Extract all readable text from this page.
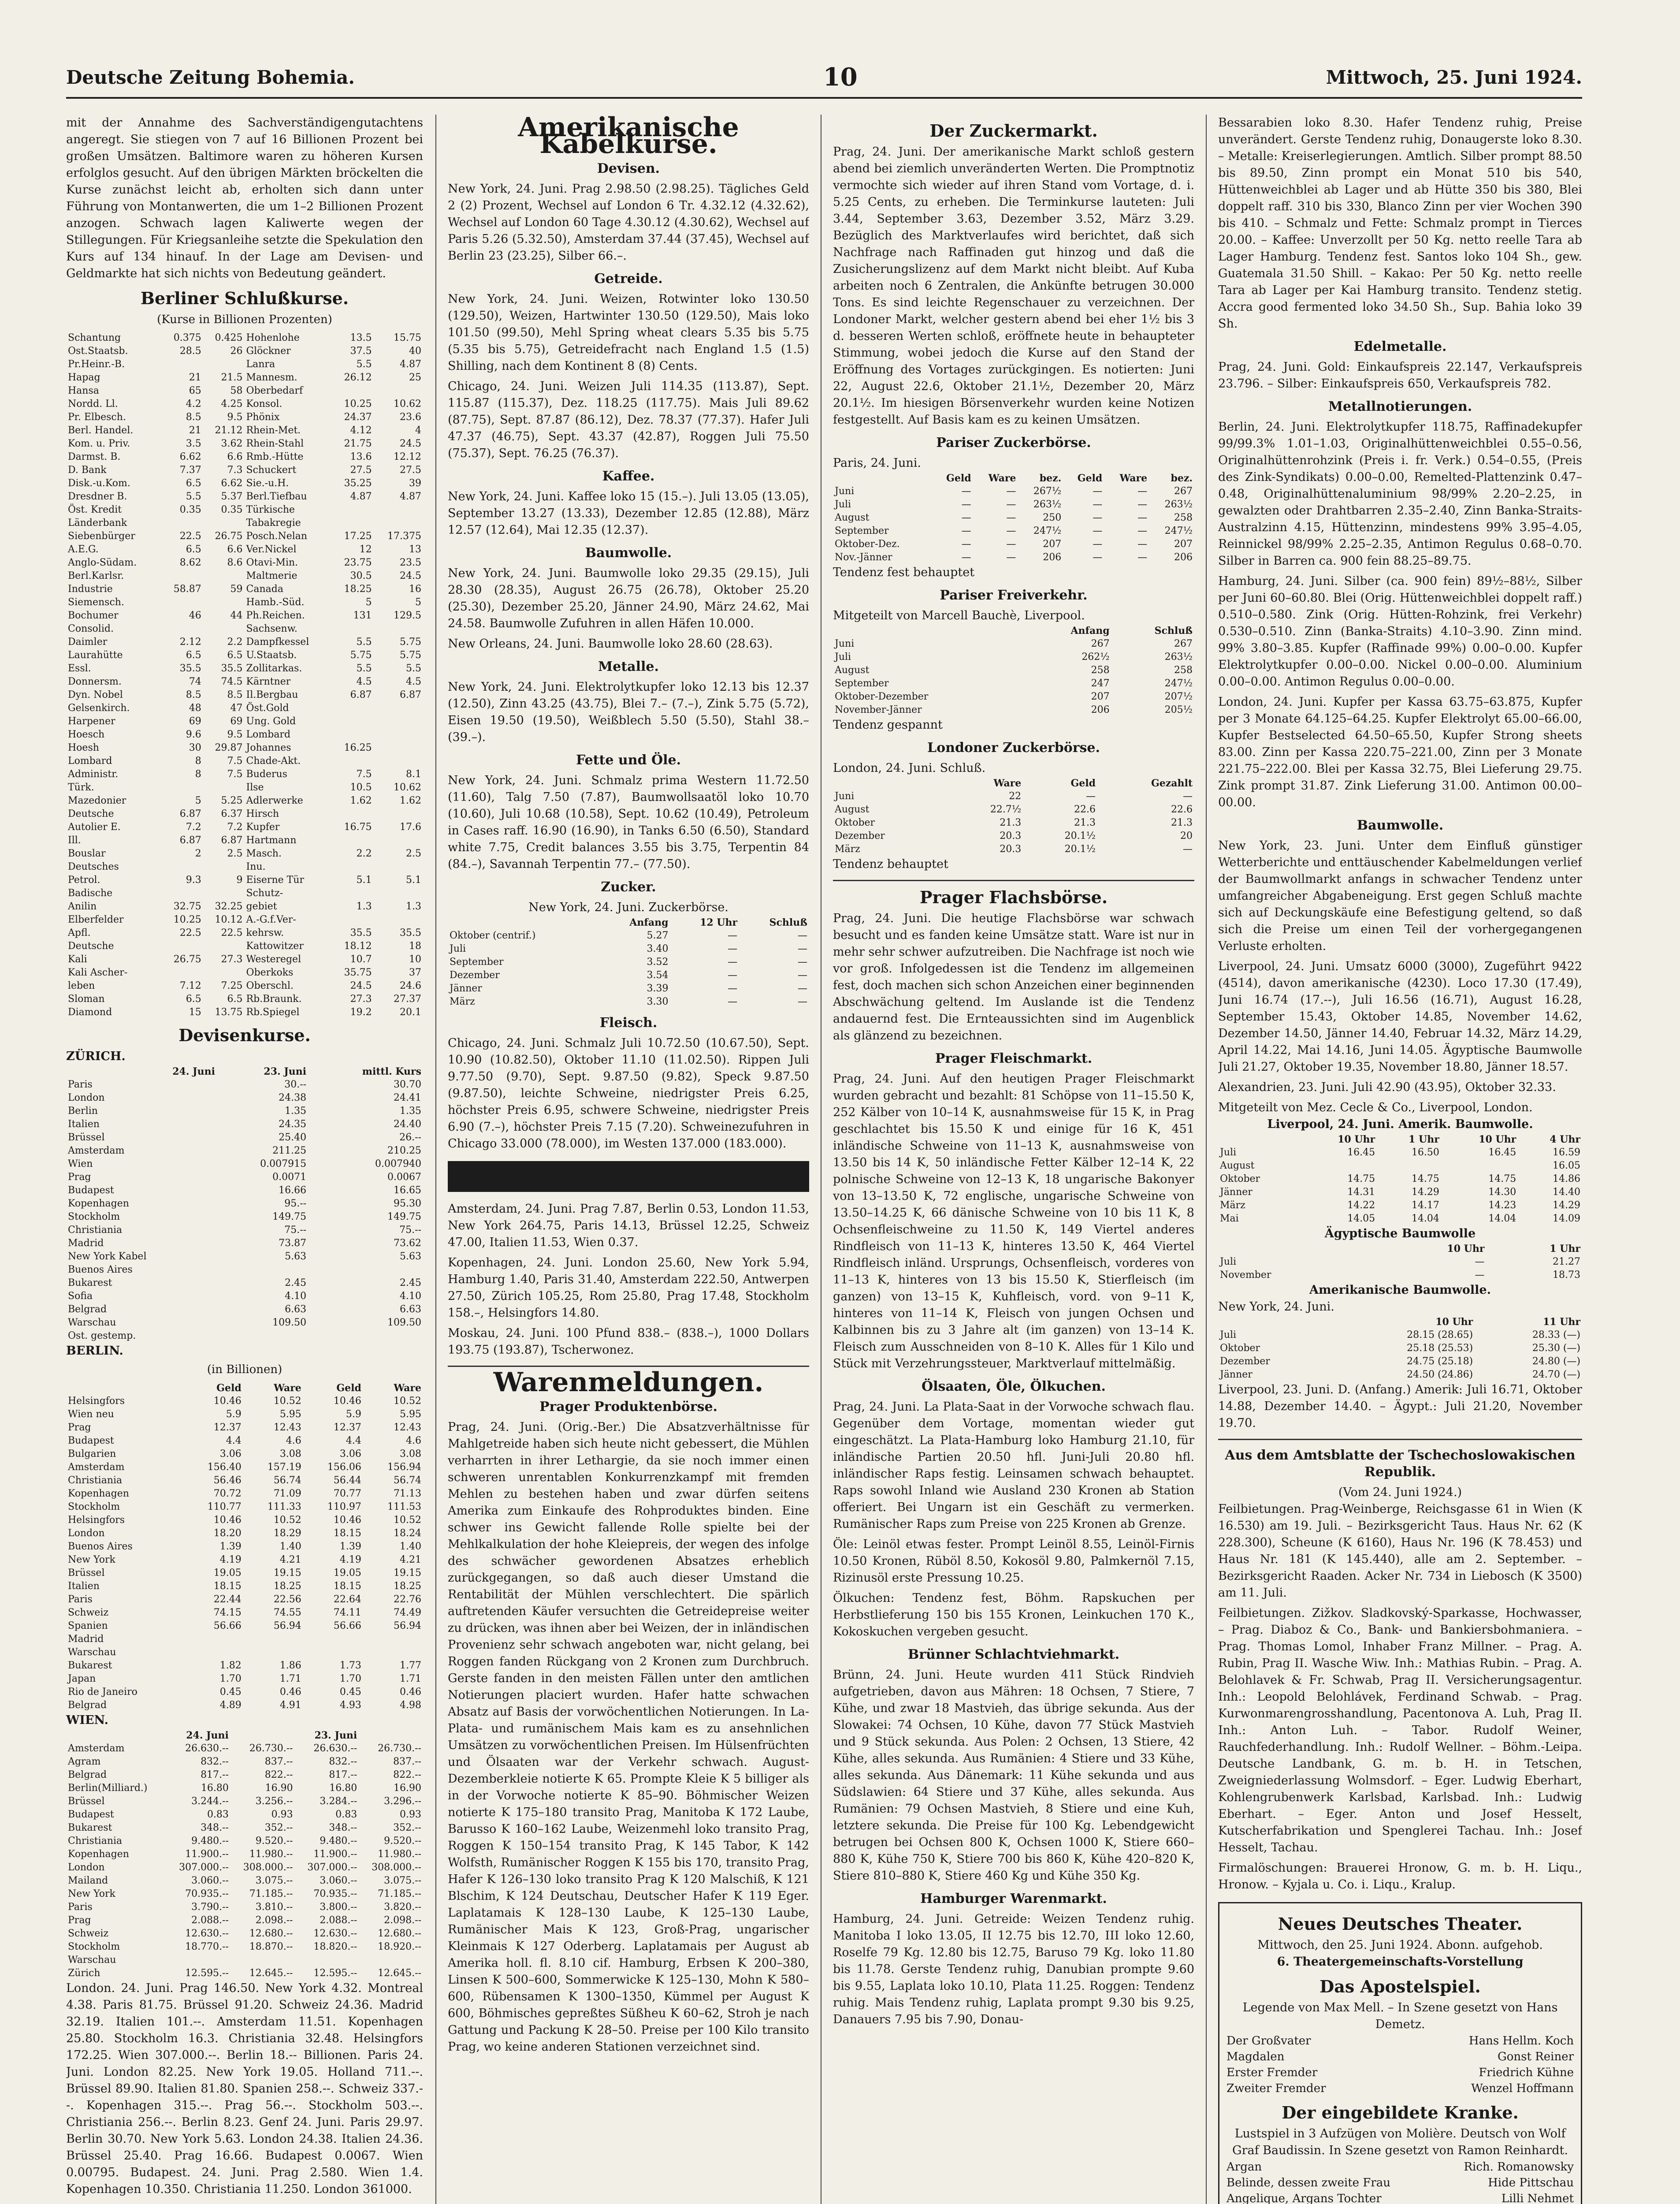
Deutsche Zeitung Bohemia.	10	Mittwoch, 25. Juni 1924.

mit der Annahme des Sachverständigengutachtens angeregt. Sie stiegen von 7 auf 16 Billionen Prozent bei großen Umsätzen. Baltimore waren zu höheren Kursen erfolglos gesucht. Auf den übrigen Märkten bröckelten die Kurse zunächst leicht ab, erholten sich dann unter Führung von Montanwerten, die um 1–2 Billionen Prozent anzogen. Schwach lagen Kaliwerte wegen der Stillegungen. Für Kriegsanleihe setzte die Spekulation den Kurs auf 134 hinauf. In der Lage am Devisen- und Geldmarkte hat sich nichts von Bedeutung geändert.

Berliner Schlußkurse.
(Kurse in Billionen Prozenten)
Schantung	0.375	0.425	Hohenlohe	13.5	15.75
Ost.Staatsb.	28.5	26	Glöckner	37.5	40
Pr.Heinr.-B.			Lanra	5.5	4.87
Hapag	21	21.5	Mannesm.	26.12	25
Hansa	65	58	Oberbedarf		
Nordd. Ll.	4.2	4.25	Konsol.	10.25	10.62
Pr. Elbesch.	8.5	9.5	Phönix	24.37	23.6
Berl. Handel.	21	21.12	Rhein-Met.	4.12	4
Kom. u. Priv.	3.5	3.62	Rhein-Stahl	21.75	24.5
Darmst. B.	6.62	6.6	Rmb.-Hütte	13.6	12.12
D. Bank	7.37	7.3	Schuckert	27.5	27.5
Disk.-u.Kom.	6.5	6.62	Sie.-u.H.	35.25	39
Dresdner B.	5.5	5.37	Berl.Tiefbau	4.87	4.87
Öst. Kredit	0.35	0.35	Türkische		
Länderbank			Tabakregie		
Siebenbürger	22.5	26.75	Posch.Nelan	17.25	17.375
A.E.G.	6.5	6.6	Ver.Nickel	12	13
Anglo-Südam.	8.62	8.6	Otavi-Min.	23.75	23.5
Berl.Karlsr.			Maltmerie	30.5	24.5
Industrie	58.87	59	Canada	18.25	16
Siemensch.			Hamb.-Süd.	5	5
Bochumer	46	44	Ph.Reichen.	131	129.5
Consolid.			Sachsenw.		
Daimler	2.12	2.2	Dampfkessel	5.5	5.75
Laurahütte	6.5	6.5	U.Staatsb.	5.75	5.75
Essl.	35.5	35.5	Zollitarkas.	5.5	5.5
Donnersm.	74	74.5	Kärntner	4.5	4.5
Dyn. Nobel	8.5	8.5	Il.Bergbau	6.87	6.87
Gelsenkirch.	48	47	Öst.Gold		
Harpener	69	69	Ung. Gold		
Hoesch	9.6	9.5	Lombard		
Hoesh	30	29.87	Johannes	16.25	
Lombard	8	7.5	Chade-Akt.		
Administr.	8	7.5	Buderus	7.5	8.1
Türk.			Ilse	10.5	10.62
Mazedonier	5	5.25	Adlerwerke	1.62	1.62
Deutsche	6.87	6.37	Hirsch		
Autolier E.	7.2	7.2	Kupfer	16.75	17.6
Ill.	6.87	6.87	Hartmann		
Bouslar	2	2.5	Masch.	2.2	2.5
Deutsches			Inu.		
Petrol.	9.3	9	Eiserne Tür	5.1	5.1
Badische			Schutz-		
Anilin	32.75	32.25	gebiet	1.3	1.3
Elberfelder	10.25	10.12	A.-G.f.Ver-		
Apfl.	22.5	22.5	kehrsw.	35.5	35.5
Deutsche			Kattowitzer	18.12	18
Kali	26.75	27.3	Westeregel	10.7	10
Kali Ascher-			Oberkoks	35.75	37
leben	7.12	7.25	Oberschl.	24.5	24.6
Sloman	6.5	6.5	Rb.Braunk.	27.3	27.37
Diamond	15	13.75	Rb.Spiegel	19.2	20.1
Devisenkurse.
ZÜRICH.
24. Juni	23. Juni	mittl. Kurs
Paris	30.--	30.70
London	24.38	24.41
Berlin	1.35	1.35
Italien	24.35	24.40
Brüssel	25.40	26.--
Amsterdam	211.25	210.25
Wien	0.007915	0.007940
Prag	0.0071	0.0067
Budapest	16.66	16.65
Kopenhagen	95.--	95.30
Stockholm	149.75	149.75
Christiania	75.--	75.--
Madrid	73.87	73.62
New York Kabel	5.63	5.63
Buenos Aires		
Bukarest	2.45	2.45
Sofia	4.10	4.10
Belgrad	6.63	6.63
Warschau	109.50	109.50
Ost. gestemp.		
BERLIN.
(in Billionen)
	Geld	Ware	Geld	Ware
Helsingfors	10.46	10.52	10.46	10.52
Wien neu	5.9	5.95	5.9	5.95
Prag	12.37	12.43	12.37	12.43
Budapest	4.4	4.6	4.4	4.6
Bulgarien	3.06	3.08	3.06	3.08
Amsterdam	156.40	157.19	156.06	156.94
Christiania	56.46	56.74	56.44	56.74
Kopenhagen	70.72	71.09	70.77	71.13
Stockholm	110.77	111.33	110.97	111.53
Helsingfors	10.46	10.52	10.46	10.52
London	18.20	18.29	18.15	18.24
Buenos Aires	1.39	1.40	1.39	1.40
New York	4.19	4.21	4.19	4.21
Brüssel	19.05	19.15	19.05	19.15
Italien	18.15	18.25	18.15	18.25
Paris	22.44	22.56	22.64	22.76
Schweiz	74.15	74.55	74.11	74.49
Spanien	56.66	56.94	56.66	56.94
Madrid				
Warschau				
Bukarest	1.82	1.86	1.73	1.77
Japan	1.70	1.71	1.70	1.71
Rio de Janeiro	0.45	0.46	0.45	0.46
Belgrad	4.89	4.91	4.93	4.98
WIEN.
	24. Juni		23. Juni	
Amsterdam	26.630.--	26.730.--	26.630.--	26.730.--
Agram	832.--	837.--	832.--	837.--
Belgrad	817.--	822.--	817.--	822.--
Berlin(Milliard.)	16.80	16.90	16.80	16.90
Brüssel	3.244.--	3.256.--	3.284.--	3.296.--
Budapest	0.83	0.93	0.83	0.93
Bukarest	348.--	352.--	348.--	352.--
Christiania	9.480.--	9.520.--	9.480.--	9.520.--
Kopenhagen	11.900.--	11.980.--	11.900.--	11.980.--
London	307.000.--	308.000.--	307.000.--	308.000.--
Mailand	3.060.--	3.075.--	3.060.--	3.075.--
New York	70.935.--	71.185.--	70.935.--	71.185.--
Paris	3.790.--	3.810.--	3.800.--	3.820.--
Prag	2.088.--	2.098.--	2.088.--	2.098.--
Schweiz	12.630.--	12.680.--	12.630.--	12.680.--
Stockholm	18.770.--	18.870.--	18.820.--	18.920.--
Warschau				
Zürich	12.595.--	12.645.--	12.595.--	12.645.--

London. 24. Juni. Prag 146.50. New York 4.32. Montreal 4.38. Paris 81.75. Brüssel 91.20. Schweiz 24.36. Madrid 32.19. Italien 101.--. Amsterdam 11.51. Kopenhagen 25.80. Stockholm 16.3. Christiania 32.48. Helsingfors 172.25. Wien 307.000.--. Berlin 18.-- Billionen. Paris 24. Juni. London 82.25. New York 19.05. Holland 711.--. Brüssel 89.90. Italien 81.80. Spanien 258.--. Schweiz 337.--. Kopenhagen 315.--. Prag 56.--. Stockholm 503.--. Christiania 256.--. Berlin 8.23. Genf 24. Juni. Paris 29.97. Berlin 30.70. New York 5.63. London 24.38. Italien 24.36. Brüssel 25.40. Prag 16.66. Budapest 0.0067. Wien 0.00795. Budapest. 24. Juni. Prag 2.580. Wien 1.4. Kopenhagen 10.350. Christiania 11.250. London 361000.

Amerikanische Kabelkurse.
Devisen.

New York, 24. Juni. Prag 2.98.50 (2.98.25). Tägliches Geld 2 (2) Prozent, Wechsel auf London 6 Tr. 4.32.12 (4.32.62), Wechsel auf London 60 Tage 4.30.12 (4.30.62), Wechsel auf Paris 5.26 (5.32.50), Amsterdam 37.44 (37.45), Wechsel auf Berlin 23 (23.25), Silber 66.–.

Getreide.

New York, 24. Juni. Weizen, Rotwinter loko 130.50 (129.50), Weizen, Hartwinter 130.50 (129.50), Mais loko 101.50 (99.50), Mehl Spring wheat clears 5.35 bis 5.75 (5.35 bis 5.75), Getreidefracht nach England 1.5 (1.5) Shilling, nach dem Kontinent 8 (8) Cents.

Chicago, 24. Juni. Weizen Juli 114.35 (113.87), Sept. 115.87 (115.37), Dez. 118.25 (117.75). Mais Juli 89.62 (87.75), Sept. 87.87 (86.12), Dez. 78.37 (77.37). Hafer Juli 47.37 (46.75), Sept. 43.37 (42.87), Roggen Juli 75.50 (75.37), Sept. 76.25 (76.37).

Kaffee.

New York, 24. Juni. Kaffee loko 15 (15.–). Juli 13.05 (13.05), September 13.27 (13.33), Dezember 12.85 (12.88), März 12.57 (12.64), Mai 12.35 (12.37).

Baumwolle.

New York, 24. Juni. Baumwolle loko 29.35 (29.15), Juli 28.30 (28.35), August 26.75 (26.78), Oktober 25.20 (25.30), Dezember 25.20, Jänner 24.90, März 24.62, Mai 24.58. Baumwolle Zufuhren in allen Häfen 10.000.

New Orleans, 24. Juni. Baumwolle loko 28.60 (28.63).

Metalle.

New York, 24. Juni. Elektrolytkupfer loko 12.13 bis 12.37 (12.50), Zinn 43.25 (43.75), Blei 7.– (7.–), Zink 5.75 (5.72), Eisen 19.50 (19.50), Weißblech 5.50 (5.50), Stahl 38.– (39.–).

Fette und Öle.

New York, 24. Juni. Schmalz prima Western 11.72.50 (11.60), Talg 7.50 (7.87), Baumwollsaatöl loko 10.70 (10.60), Juli 10.68 (10.58), Sept. 10.62 (10.49), Petroleum in Cases raff. 16.90 (16.90), in Tanks 6.50 (6.50), Standard white 7.75, Credit balances 3.55 bis 3.75, Terpentin 84 (84.–), Savannah Terpentin 77.– (77.50).

Zucker.
New York, 24. Juni. Zuckerbörse.
	Anfang	12 Uhr	Schluß
Oktober (centrif.)	5.27	—	—
Juli	3.40	—	—
September	3.52	—	—
Dezember	3.54	—	—
Jänner	3.39	—	—
März	3.30	—	—
Fleisch.

Chicago, 24. Juni. Schmalz Juli 10.72.50 (10.67.50), Sept. 10.90 (10.82.50), Oktober 11.10 (11.02.50). Rippen Juli 9.77.50 (9.70), Sept. 9.87.50 (9.82), Speck 9.87.50 (9.87.50), leichte Schweine, niedrigster Preis 6.25, höchster Preis 6.95, schwere Schweine, niedrigster Preis 6.90 (7.–), höchster Preis 7.15 (7.20). Schweinezufuhren in Chicago 33.000 (78.000), im Westen 137.000 (183.000).

Amsterdam, 24. Juni. Prag 7.87, Berlin 0.53, London 11.53, New York 264.75, Paris 14.13, Brüssel 12.25, Schweiz 47.00, Italien 11.53, Wien 0.37.

Kopenhagen, 24. Juni. London 25.60, New York 5.94, Hamburg 1.40, Paris 31.40, Amsterdam 222.50, Antwerpen 27.50, Zürich 105.25, Rom 25.80, Prag 17.48, Stockholm 158.–, Helsingfors 14.80.

Moskau, 24. Juni. 100 Pfund 838.– (838.–), 1000 Dollars 193.75 (193.87), Tscherwonez.

Warenmeldungen.
Prager Produktenbörse.

Prag, 24. Juni. (Orig.-Ber.) Die Absatzverhältnisse für Mahlgetreide haben sich heute nicht gebessert, die Mühlen verharrten in ihrer Lethargie, da sie noch immer einen schweren unrentablen Konkurrenzkampf mit fremden Mehlen zu bestehen haben und zwar dürfen seitens Amerika zum Einkaufe des Rohproduktes binden. Eine schwer ins Gewicht fallende Rolle spielte bei der Mehlkalkulation der hohe Kleiepreis, der wegen des infolge des schwächer gewordenen Absatzes erheblich zurückgegangen, so daß auch dieser Umstand die Rentabilität der Mühlen verschlechtert. Die spärlich auftretenden Käufer versuchten die Getreidepreise weiter zu drücken, was ihnen aber bei Weizen, der in inländischen Provenienz sehr schwach angeboten war, nicht gelang, bei Roggen fanden Rückgang von 2 Kronen zum Durchbruch. Gerste fanden in den meisten Fällen unter den amtlichen Notierungen placiert wurden. Hafer hatte schwachen Absatz auf Basis der vorwöchentlichen Notierungen. In La-Plata- und rumänischem Mais kam es zu ansehnlichen Umsätzen zu vorwöchentlichen Preisen. Im Hülsenfrüchten und Ölsaaten war der Verkehr schwach. August-Dezemberkleie notierte K 65. Prompte Kleie K 5 billiger als in der Vorwoche notierte K 85–90. Böhmischer Weizen notierte K 175–180 transito Prag, Manitoba K 172 Laube, Barusso K 160–162 Laube, Weizenmehl loko transito Prag, Roggen K 150–154 transito Prag, K 145 Tabor, K 142 Wolfsth, Rumänischer Roggen K 155 bis 170, transito Prag, Hafer K 126–130 loko transito Prag K 120 Malschiß, K 121 Blschim, K 124 Deutschau, Deutscher Hafer K 119 Eger. Laplatamais K 128–130 Laube, K 125–130 Laube, Rumänischer Mais K 123, Groß-Prag, ungarischer Kleinmais K 127 Oderberg. Laplatamais per August ab Amerika holl. fl. 8.10 cif. Hamburg, Erbsen K 200–380, Linsen K 500–600, Sommerwicke K 125–130, Mohn K 580–600, Rübensamen K 1300–1350, Kümmel per August K 600, Böhmisches gepreßtes Süßheu K 60–62, Stroh je nach Gattung und Packung K 28–50. Preise per 100 Kilo transito Prag, wo keine anderen Stationen verzeichnet sind.

Der Zuckermarkt.

Prag, 24. Juni. Der amerikanische Markt schloß gestern abend bei ziemlich unveränderten Werten. Die Promptnotiz vermochte sich wieder auf ihren Stand vom Vortage, d. i. 5.25 Cents, zu erheben. Die Terminkurse lauteten: Juli 3.44, September 3.63, Dezember 3.52, März 3.29. Bezüglich des Marktverlaufes wird berichtet, daß sich Nachfrage nach Raffinaden gut hinzog und daß die Zusicherungslizenz auf dem Markt nicht bleibt. Auf Kuba arbeiten noch 6 Zentralen, die Ankünfte betrugen 30.000 Tons. Es sind leichte Regenschauer zu verzeichnen. Der Londoner Markt, welcher gestern abend bei eher 1½ bis 3 d. besseren Werten schloß, eröffnete heute in behaupteter Stimmung, wobei jedoch die Kurse auf den Stand der Eröffnung des Vortages zurückgingen. Es notierten: Juni 22, August 22.6, Oktober 21.1½, Dezember 20, März 20.1½. Im hiesigen Börsenverkehr wurden keine Notizen festgestellt. Auf Basis kam es zu keinen Umsätzen.

Pariser Zuckerbörse.
Paris, 24. Juni.
	Geld	Ware	bez.	Geld	Ware	bez.
Juni	—	—	267½	—	—	267
Juli	—	—	263½	—	—	263½
August	—	—	250	—	—	258
September	—	—	247½	—	—	247½
Oktober-Dez.	—	—	207	—	—	207
Nov.-Jänner	—	—	206	—	—	206
Tendenz fest behauptet
Pariser Freiverkehr.
Mitgeteilt von Marcell Bauchè, Liverpool.
	Anfang	Schluß
Juni	267	267
Juli	262½	263½
August	258	258
September	247	247½
Oktober-Dezember	207	207½
November-Jänner	206	205½
Tendenz gespannt
Londoner Zuckerbörse.
London, 24. Juni. Schluß.
	Ware	Geld	Gezahlt
Juni	22	—	—
August	22.7½	22.6	22.6
Oktober	21.3	21.3	21.3
Dezember	20.3	20.1½	20
März	20.3	20.1½	—
Tendenz behauptet
Prager Flachsbörse.

Prag, 24. Juni. Die heutige Flachsbörse war schwach besucht und es fanden keine Umsätze statt. Ware ist nur in mehr sehr schwer aufzutreiben. Die Nachfrage ist noch wie vor groß. Infolgedessen ist die Tendenz im allgemeinen fest, doch machen sich schon Anzeichen einer beginnenden Abschwächung geltend. Im Auslande ist die Tendenz andauernd fest. Die Ernteaussichten sind im Augenblick als glänzend zu bezeichnen.

Prager Fleischmarkt.

Prag, 24. Juni. Auf den heutigen Prager Fleischmarkt wurden gebracht und bezahlt: 81 Schöpse von 11–15.50 K, 252 Kälber von 10–14 K, ausnahmsweise für 15 K, in Prag geschlachtet bis 15.50 K und einige für 16 K, 451 inländische Schweine von 11–13 K, ausnahmsweise von 13.50 bis 14 K, 50 inländische Fetter Kälber 12–14 K, 22 polnische Schweine von 12–13 K, 18 ungarische Bakonyer von 13–13.50 K, 72 englische, ungarische Schweine von 13.50–14.25 K, 66 dänische Schweine von 10 bis 11 K, 8 Ochsenfleischweine zu 11.50 K, 149 Viertel anderes Rindfleisch von 11–13 K, hinteres 13.50 K, 464 Viertel Rindfleisch inländ. Ursprungs, Ochsenfleisch, vorderes von 11–13 K, hinteres von 13 bis 15.50 K, Stierfleisch (im ganzen) von 13–15 K, Kuhfleisch, vord. von 9–11 K, hinteres von 11–14 K, Fleisch von jungen Ochsen und Kalbinnen bis zu 3 Jahre alt (im ganzen) von 13–14 K. Fleisch zum Ausschneiden von 8–10 K. Alles für 1 Kilo und Stück mit Verzehrungssteuer, Marktverlauf mittelmäßig.

Ölsaaten, Öle, Ölkuchen.

Prag, 24. Juni. La Plata-Saat in der Vorwoche schwach flau. Gegenüber dem Vortage, momentan wieder gut eingeschätzt. La Plata-Hamburg loko Hamburg 21.10, für inländische Partien 20.50 hfl. Juni-Juli 20.80 hfl. inländischer Raps festig. Leinsamen schwach behauptet. Raps sowohl Inland wie Ausland 230 Kronen ab Station offeriert. Bei Ungarn ist ein Geschäft zu vermerken. Rumänischer Raps zum Preise von 225 Kronen ab Grenze.

Öle: Leinöl etwas fester. Prompt Leinöl 8.55, Leinöl-Firnis 10.50 Kronen, Rüböl 8.50, Kokosöl 9.80, Palmkernöl 7.15, Rizinusöl erste Pressung 10.25.

Ölkuchen: Tendenz fest, Böhm. Rapskuchen per Herbstlieferung 150 bis 155 Kronen, Leinkuchen 170 K., Kokoskuchen vergeben gesucht.

Brünner Schlachtviehmarkt.

Brünn, 24. Juni. Heute wurden 411 Stück Rindvieh aufgetrieben, davon aus Mähren: 18 Ochsen, 7 Stiere, 7 Kühe, und zwar 18 Mastvieh, das übrige sekunda. Aus der Slowakei: 74 Ochsen, 10 Kühe, davon 77 Stück Mastvieh und 9 Stück sekunda. Aus Polen: 2 Ochsen, 13 Stiere, 42 Kühe, alles sekunda. Aus Rumänien: 4 Stiere und 33 Kühe, alles sekunda. Aus Dänemark: 11 Kühe sekunda und aus Südslawien: 64 Stiere und 37 Kühe, alles sekunda. Aus Rumänien: 79 Ochsen Mastvieh, 8 Stiere und eine Kuh, letztere sekunda. Die Preise für 100 Kg. Lebendgewicht betrugen bei Ochsen 800 K, Ochsen 1000 K, Stiere 660–880 K, Kühe 750 K, Stiere 700 bis 860 K, Kühe 420–820 K, Stiere 810–880 K, Stiere 460 Kg und Kühe 350 Kg.

Hamburger Warenmarkt.

Hamburg, 24. Juni. Getreide: Weizen Tendenz ruhig. Manitoba I loko 13.05, II 12.75 bis 12.70, III loko 12.60, Roselfe 79 Kg. 12.80 bis 12.75, Baruso 79 Kg. loko 11.80 bis 11.78. Gerste Tendenz ruhig, Danubian prompte 9.60 bis 9.55, Laplata loko 10.10, Plata 11.25. Roggen: Tendenz ruhig. Mais Tendenz ruhig, Laplata prompt 9.30 bis 9.25, Danauers 7.95 bis 7.90, Donau-

Bessarabien loko 8.30. Hafer Tendenz ruhig, Preise unverändert. Gerste Tendenz ruhig, Donaugerste loko 8.30. – Metalle: Kreiserlegierungen. Amtlich. Silber prompt 88.50 bis 89.50, Zinn prompt ein Monat 510 bis 540, Hüttenweichblei ab Lager und ab Hütte 350 bis 380, Blei doppelt raff. 310 bis 330, Blanco Zinn per vier Wochen 390 bis 410. – Schmalz und Fette: Schmalz prompt in Tierces 20.00. – Kaffee: Unverzollt per 50 Kg. netto reelle Tara ab Lager Hamburg. Tendenz fest. Santos loko 104 Sh., gew. Guatemala 31.50 Shill. – Kakao: Per 50 Kg. netto reelle Tara ab Lager per Kai Hamburg transito. Tendenz stetig. Accra good fermented loko 34.50 Sh., Sup. Bahia loko 39 Sh.

Edelmetalle.

Prag, 24. Juni. Gold: Einkaufspreis 22.147, Verkaufspreis 23.796. – Silber: Einkaufspreis 650, Verkaufspreis 782.

Metallnotierungen.

Berlin, 24. Juni. Elektrolytkupfer 118.75, Raffinadekupfer 99/99.3% 1.01–1.03, Originalhüttenweichblei 0.55–0.56, Originalhüttenrohzink (Preis i. fr. Verk.) 0.54–0.55, (Preis des Zink-Syndikats) 0.00–0.00, Remelted-Plattenzink 0.47–0.48, Originalhüttenaluminium 98/99% 2.20–2.25, in gewalzten oder Drahtbarren 2.35–2.40, Zinn Banka-Straits-Australzinn 4.15, Hüttenzinn, mindestens 99% 3.95–4.05, Reinnickel 98/99% 2.25–2.35, Antimon Regulus 0.68–0.70. Silber in Barren ca. 900 fein 88.25–89.75.

Hamburg, 24. Juni. Silber (ca. 900 fein) 89½–88½, Silber per Juni 60–60.80. Blei (Orig. Hüttenweichblei doppelt raff.) 0.510–0.580. Zink (Orig. Hütten-Rohzink, frei Verkehr) 0.530–0.510. Zinn (Banka-Straits) 4.10–3.90. Zinn mind. 99% 3.80–3.85. Kupfer (Raffinade 99%) 0.00–0.00. Kupfer Elektrolytkupfer 0.00–0.00. Nickel 0.00–0.00. Aluminium 0.00–0.00. Antimon Regulus 0.00–0.00.

London, 24. Juni. Kupfer per Kassa 63.75–63.875, Kupfer per 3 Monate 64.125–64.25. Kupfer Elektrolyt 65.00–66.00, Kupfer Bestselected 64.50–65.50, Kupfer Strong sheets 83.00. Zinn per Kassa 220.75–221.00, Zinn per 3 Monate 221.75–222.00. Blei per Kassa 32.75, Blei Lieferung 29.75. Zink prompt 31.87. Zink Lieferung 31.00. Antimon 00.00–00.00.

Baumwolle.

New York, 23. Juni. Unter dem Einfluß günstiger Wetterberichte und enttäuschender Kabelmeldungen verlief der Baumwollmarkt anfangs in schwacher Tendenz unter umfangreicher Abgabeneigung. Erst gegen Schluß machte sich auf Deckungskäufe eine Befestigung geltend, so daß sich die Preise um einen Teil der vorhergegangenen Verluste erholten.

Liverpool, 24. Juni. Umsatz 6000 (3000), Zugeführt 9422 (4514), davon amerikanische (4230). Loco 17.30 (17.49), Juni 16.74 (17.--), Juli 16.56 (16.71), August 16.28, September 15.43, Oktober 14.85, November 14.62, Dezember 14.50, Jänner 14.40, Februar 14.32, März 14.29, April 14.22, Mai 14.16, Juni 14.05. Ägyptische Baumwolle Juli 21.27, Oktober 19.35, November 18.80, Jänner 18.57.

Alexandrien, 23. Juni. Juli 42.90 (43.95), Oktober 32.33.

Mitgeteilt von Mez. Cecle & Co., Liverpool, London.
Liverpool, 24. Juni. Amerik. Baumwolle.
	10 Uhr	1 Uhr	10 Uhr	4 Uhr
Juli	16.45	16.50	16.45	16.59
August				16.05
Oktober	14.75	14.75	14.75	14.86
Jänner	14.31	14.29	14.30	14.40
März	14.22	14.17	14.23	14.29
Mai	14.05	14.04	14.04	14.09
Ägyptische Baumwolle
	10 Uhr	1 Uhr
Juli	—	21.27
November	—	18.73
Amerikanische Baumwolle.
New York, 24. Juni.
	10 Uhr	11 Uhr
Juli	28.15 (28.65)	28.33 (—)
Oktober	25.18 (25.53)	25.30 (—)
Dezember	24.75 (25.18)	24.80 (—)
Jänner	24.50 (24.86)	24.70 (—)

Liverpool, 23. Juni. D. (Anfang.) Amerik: Juli 16.71, Oktober 14.88, Dezember 14.40. – Ägypt.: Juli 21.20, November 19.70.

Aus dem Amtsblatte der Tschechoslowakischen Republik.
(Vom 24. Juni 1924.)

Feilbietungen. Prag-Weinberge, Reichsgasse 61 in Wien (K 16.530) am 19. Juli. – Bezirksgericht Taus. Haus Nr. 62 (K 228.300), Scheune (K 6160), Haus Nr. 196 (K 78.453) und Haus Nr. 181 (K 145.440), alle am 2. September. – Bezirksgericht Raaden. Acker Nr. 734 in Liebosch (K 3500) am 11. Juli.

Feilbietungen. Zižkov. Sladkovský-Sparkasse, Hochwasser, – Prag. Diaboz & Co., Bank- und Bankiersbohmaniera. – Prag. Thomas Lomol, Inhaber Franz Millner. – Prag. A. Rubin, Prag II. Wasche Wiw. Inh.: Mathias Rubin. – Prag. A. Belohlavek & Fr. Schwab, Prag II. Versicherungsagentur. Inh.: Leopold Belohlávek, Ferdinand Schwab. – Prag. Kurwonmarengrosshandlung, Pacentonova A. Luh, Prag II. Inh.: Anton Luh. – Tabor. Rudolf Weiner, Rauchfederhandlung. Inh.: Rudolf Wellner. – Böhm.-Leipa. Deutsche Landbank, G. m. b. H. in Tetschen, Zweigniederlassung Wolmsdorf. – Eger. Ludwig Eberhart, Kohlengrubenwerk Karlsbad, Karlsbad. Inh.: Ludwig Eberhart. – Eger. Anton und Josef Hesselt, Kutscherfabrikation und Spenglerei Tachau. Inh.: Josef Hesselt, Tachau.

Firmalöschungen: Brauerei Hronow, G. m. b. H. Liqu., Hronow. – Kyjala u. Co. i. Liqu., Kralup.

Neues Deutsches Theater.
Mittwoch, den 25. Juni 1924. Abonn. aufgehob.
6. Theatergemeinschafts-Vorstellung
Das Apostelspiel.
Legende von Max Mell. – In Szene gesetzt von Hans Demetz.
Der Großvater	Hans Hellm. Koch
Magdalen	Gonst Reiner
Erster Fremder	Friedrich Kühne
Zweiter Fremder	Wenzel Hoffmann
Der eingebildete Kranke.
Lustspiel in 3 Aufzügen von Molière. Deutsch von Wolf Graf Baudissin. In Szene gesetzt von Ramon Reinhardt.
Argan	Rich. Romanowsky
Belinde, dessen zweite Frau	Hide Pittschau
Angelique, Argans Tochter	Lilli Nehmet
